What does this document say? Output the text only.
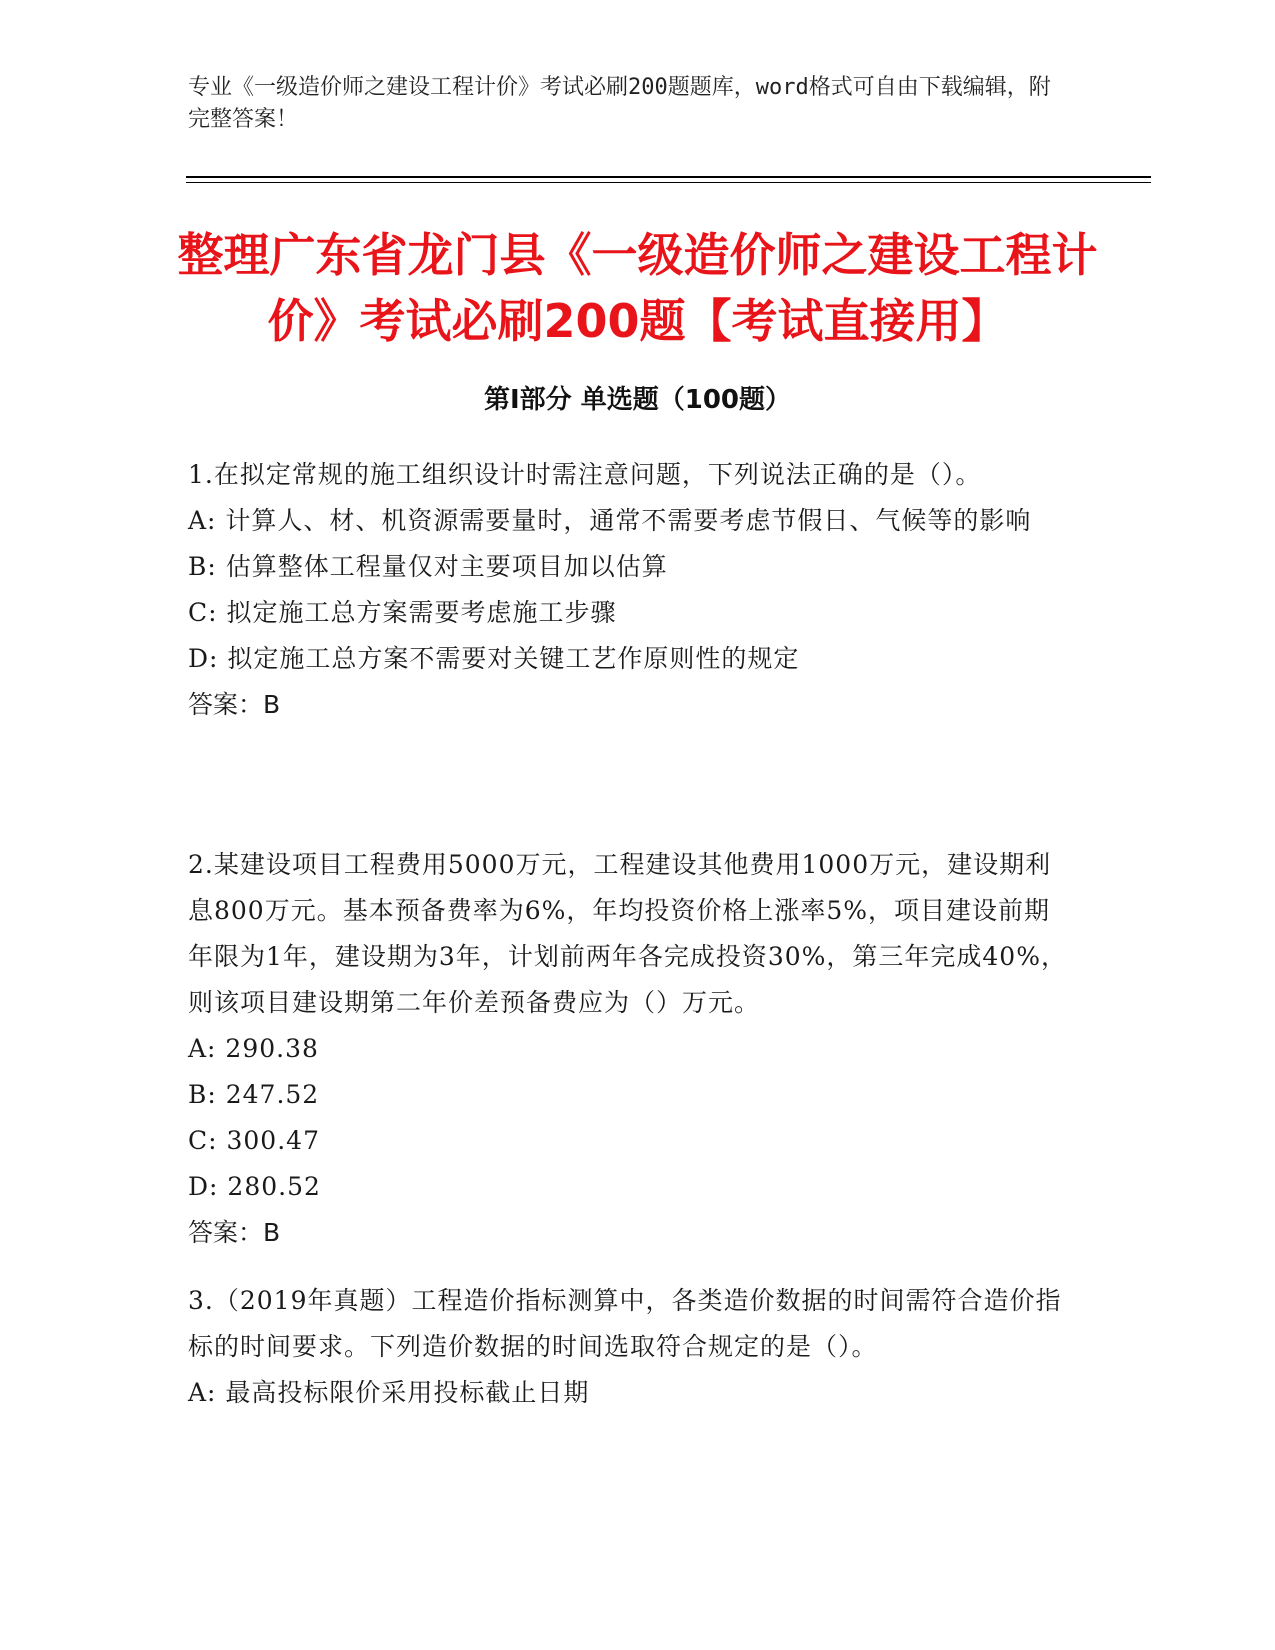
专业《一级造价师之建设工程计价》考试必刷200题题库，word格式可自由下载编辑，附完整答案！

整理广东省龙门县《一级造价师之建设工程计价》考试必刷200题【考试直接用】
第I部分 单选题（100题）

1.在拟定常规的施工组织设计时需注意问题，下列说法正确的是（）。

A: 计算人、材、机资源需要量时，通常不需要考虑节假日、气候等的影响

B: 估算整体工程量仅对主要项目加以估算

C: 拟定施工总方案需要考虑施工步骤

D: 拟定施工总方案不需要对关键工艺作原则性的规定

答案：B

2.某建设项目工程费用5000万元，工程建设其他费用1000万元，建设期利息800万元。基本预备费率为6%，年均投资价格上涨率5%，项目建设前期年限为1年，建设期为3年，计划前两年各完成投资30%，第三年完成40%，则该项目建设期第二年价差预备费应为（）万元。

A: 290.38

B: 247.52

C: 300.47

D: 280.52

答案：B

3.（2019年真题）工程造价指标测算中，各类造价数据的时间需符合造价指标的时间要求。下列造价数据的时间选取符合规定的是（）。

A: 最高投标限价采用投标截止日期
